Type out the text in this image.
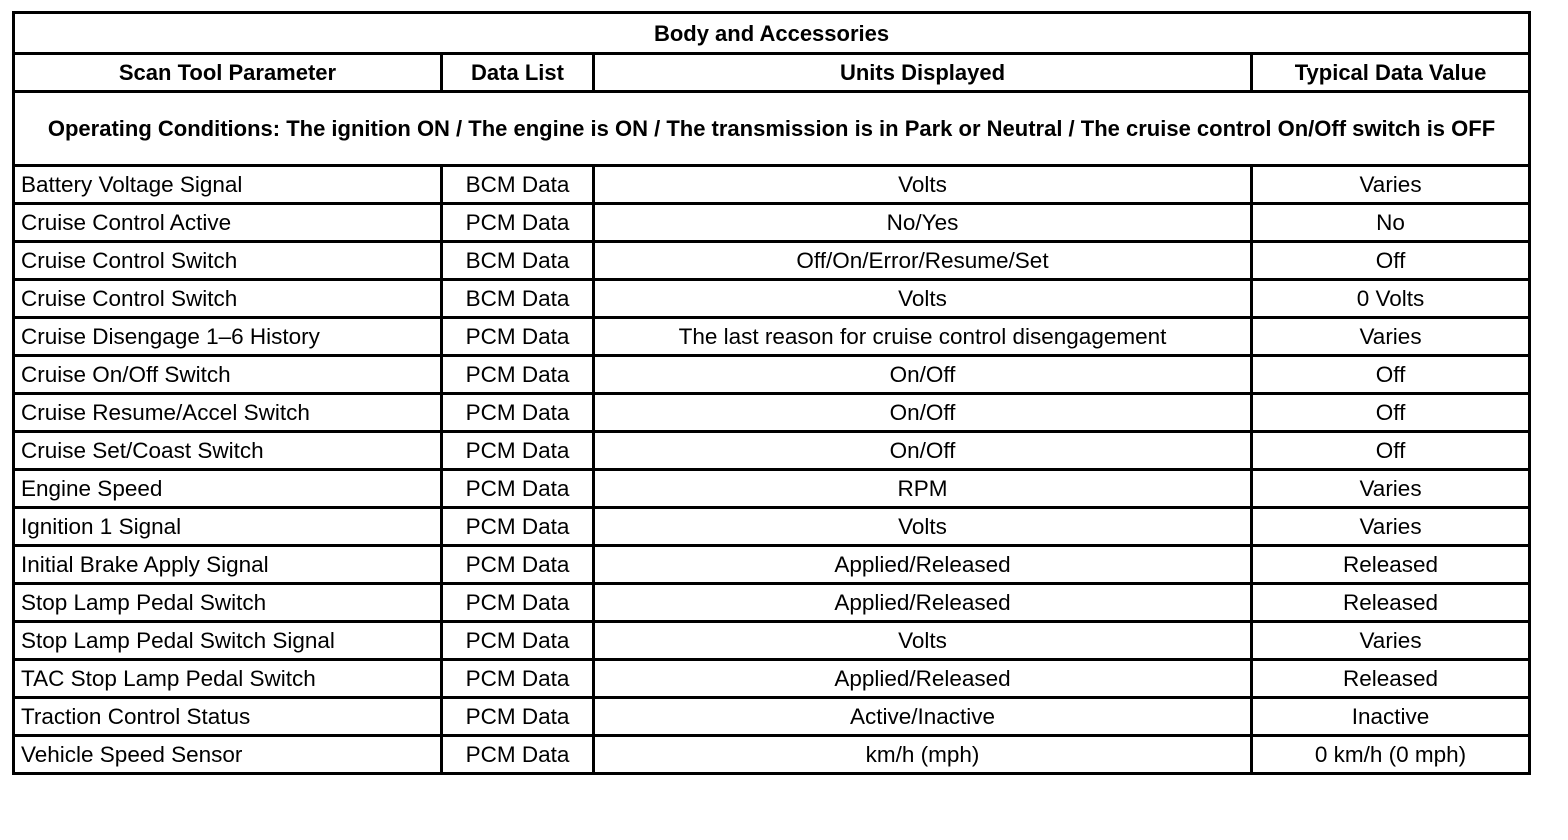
Body and Accessories			
Scan Tool Parameter	Data List	Units Displayed	Typical Data Value
Operating Conditions: The ignition ON / The engine is ON / The transmission is in Park or Neutral / The cruise control On/Off switch is OFF			
Battery Voltage Signal	BCM Data	Volts	Varies
Cruise Control Active	PCM Data	No/Yes	No
Cruise Control Switch	BCM Data	Off/On/Error/Resume/Set	Off
Cruise Control Switch	BCM Data	Volts	0 Volts
Cruise Disengage 1–6 History	PCM Data	The last reason for cruise control disengagement	Varies
Cruise On/Off Switch	PCM Data	On/Off	Off
Cruise Resume/Accel Switch	PCM Data	On/Off	Off
Cruise Set/Coast Switch	PCM Data	On/Off	Off
Engine Speed	PCM Data	RPM	Varies
Ignition 1 Signal	PCM Data	Volts	Varies
Initial Brake Apply Signal	PCM Data	Applied/Released	Released
Stop Lamp Pedal Switch	PCM Data	Applied/Released	Released
Stop Lamp Pedal Switch Signal	PCM Data	Volts	Varies
TAC Stop Lamp Pedal Switch	PCM Data	Applied/Released	Released
Traction Control Status	PCM Data	Active/Inactive	Inactive
Vehicle Speed Sensor	PCM Data	km/h (mph)	0 km/h (0 mph)
